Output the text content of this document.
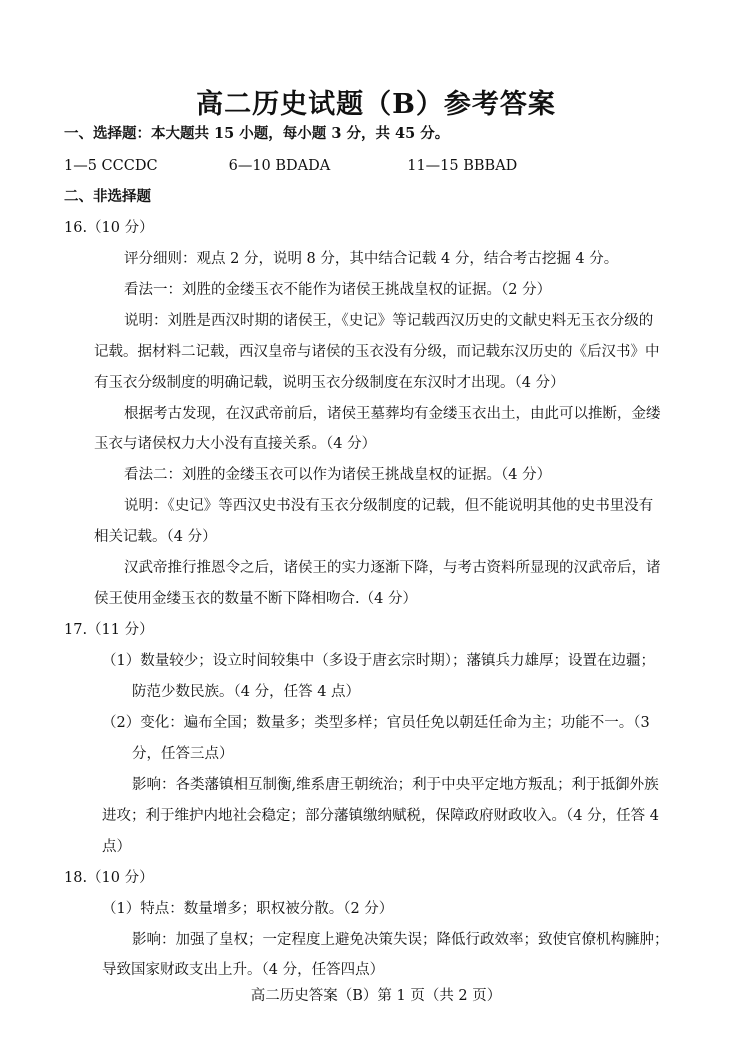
高二历史试题（B）参考答案
一、选择题：本大题共 15 小题，每小题 3 分，共 45 分。
1—5 CCCDC	6—10 BDADA	11—15 BBBAD
二、非选择题
16.（10 分）
评分细则：观点 2 分，说明 8 分，其中结合记载 4 分，结合考古挖掘 4 分。
看法一：刘胜的金缕玉衣不能作为诸侯王挑战皇权的证据。（2 分）
说明：刘胜是西汉时期的诸侯王，《史记》等记载西汉历史的文献史料无玉衣分级的
记载。据材料二记载，西汉皇帝与诸侯的玉衣没有分级，而记载东汉历史的《后汉书》中
有玉衣分级制度的明确记载，说明玉衣分级制度在东汉时才出现。（4 分）
根据考古发现，在汉武帝前后，诸侯王墓葬均有金缕玉衣出土，由此可以推断，金缕
玉衣与诸侯权力大小没有直接关系。（4 分）
看法二：刘胜的金缕玉衣可以作为诸侯王挑战皇权的证据。（4 分）
说明：《史记》等西汉史书没有玉衣分级制度的记载，但不能说明其他的史书里没有
相关记载。（4 分）
汉武帝推行推恩令之后，诸侯王的实力逐渐下降，与考古资料所显现的汉武帝后，诸
侯王使用金缕玉衣的数量不断下降相吻合.（4 分）
17.（11 分）
（1）数量较少；设立时间较集中（多设于唐玄宗时期）；藩镇兵力雄厚；设置在边疆；
防范少数民族。（4 分，任答 4 点）
（2）变化：遍布全国；数量多；类型多样；官员任免以朝廷任命为主；功能不一。（3
分，任答三点）
影响：各类藩镇相互制衡,维系唐王朝统治；利于中央平定地方叛乱；利于抵御外族
进攻；利于维护内地社会稳定；部分藩镇缴纳赋税，保障政府财政收入。（4 分，任答 4
点）
18.（10 分）
（1）特点：数量增多；职权被分散。（2 分）
影响：加强了皇权；一定程度上避免决策失误；降低行政效率；致使官僚机构臃肿；
导致国家财政支出上升。（4 分，任答四点）
高二历史答案（B）第 1 页（共 2 页）
